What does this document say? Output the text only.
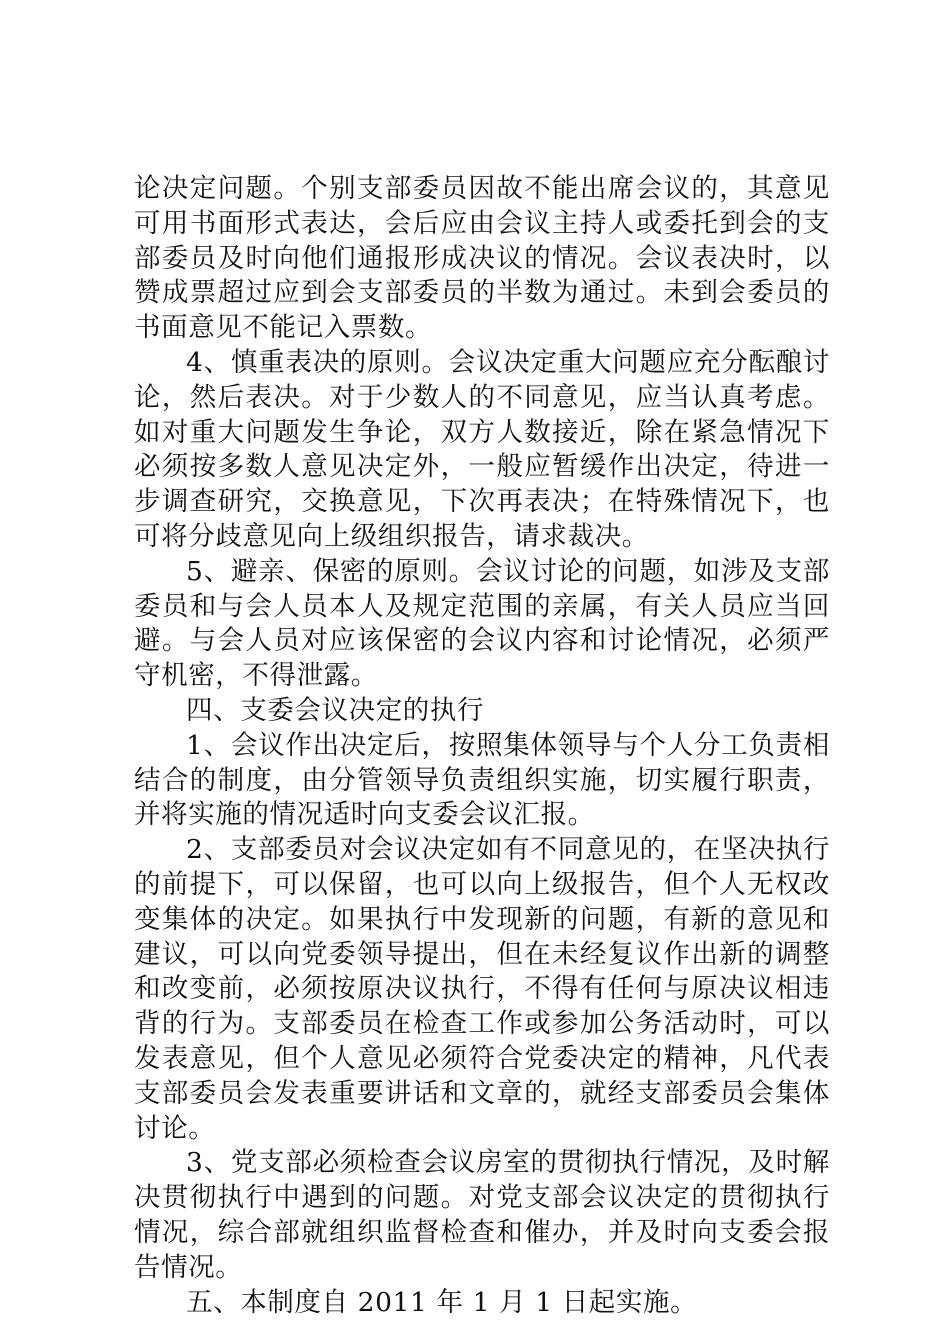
论决定问题。个别支部委员因故不能出席会议的，其意见可用书面形式表达，会后应由会议主持人或委托到会的支部委员及时向他们通报形成决议的情况。会议表决时，以赞成票超过应到会支部委员的半数为通过。未到会委员的书面意见不能记入票数。

4、慎重表决的原则。会议决定重大问题应充分酝酿讨论，然后表决。对于少数人的不同意见，应当认真考虑。如对重大问题发生争论，双方人数接近，除在紧急情况下必须按多数人意见决定外，一般应暂缓作出决定，待进一步调查研究，交换意见，下次再表决；在特殊情况下，也可将分歧意见向上级组织报告，请求裁决。

5、避亲、保密的原则。会议讨论的问题，如涉及支部委员和与会人员本人及规定范围的亲属，有关人员应当回避。与会人员对应该保密的会议内容和讨论情况，必须严守机密，不得泄露。

四、支委会议决定的执行

1、会议作出决定后，按照集体领导与个人分工负责相结合的制度，由分管领导负责组织实施，切实履行职责，并将实施的情况适时向支委会议汇报。

2、支部委员对会议决定如有不同意见的，在坚决执行的前提下，可以保留，也可以向上级报告，但个人无权改变集体的决定。如果执行中发现新的问题，有新的意见和建议，可以向党委领导提出，但在未经复议作出新的调整和改变前，必须按原决议执行，不得有任何与原决议相违背的行为。支部委员在检查工作或参加公务活动时，可以发表意见，但个人意见必须符合党委决定的精神，凡代表支部委员会发表重要讲话和文章的，就经支部委员会集体讨论。

3、党支部必须检查会议房室的贯彻执行情况，及时解决贯彻执行中遇到的问题。对党支部会议决定的贯彻执行情况，综合部就组织监督检查和催办，并及时向支委会报告情况。

五、本制度自 2011 年 1 月 1 日起实施。
